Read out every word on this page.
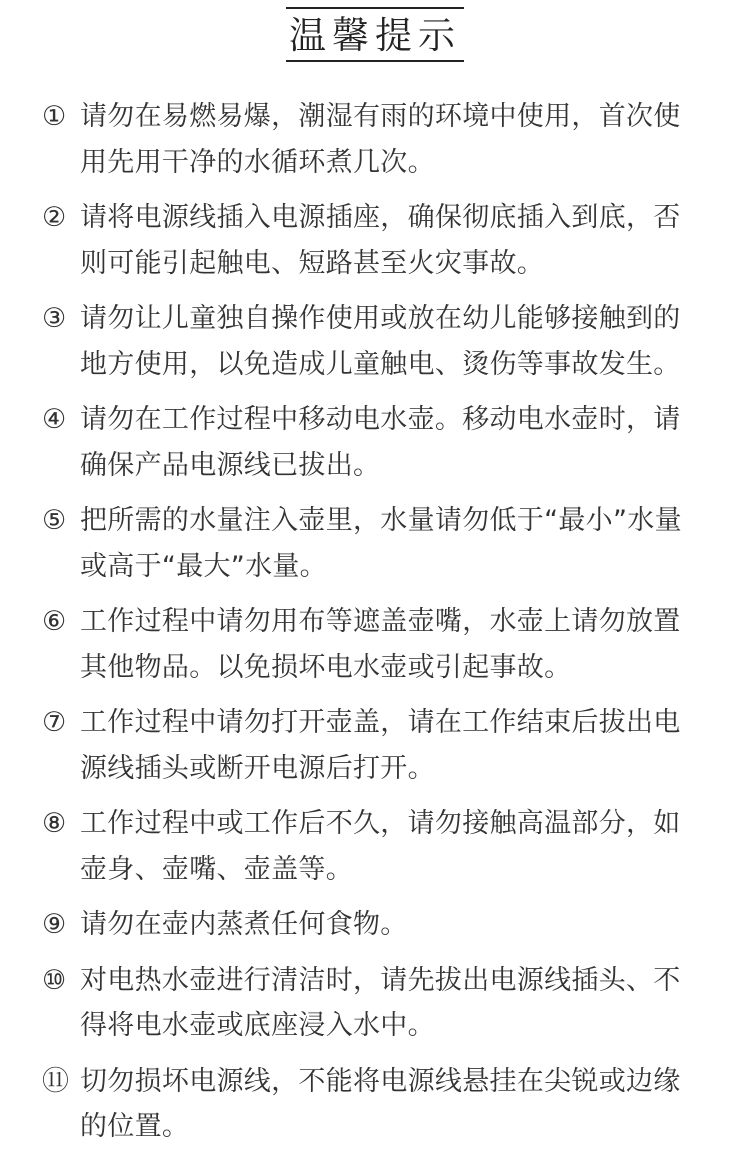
温馨提示
① 请勿在易燃易爆，潮湿有雨的环境中使用，首次使用先用干净的水循环煮几次。
② 请将电源线插入电源插座，确保彻底插入到底，否则可能引起触电、短路甚至火灾事故。
③ 请勿让儿童独自操作使用或放在幼儿能够接触到的地方使用，以免造成儿童触电、烫伤等事故发生。
④ 请勿在工作过程中移动电水壶。移动电水壶时，请确保产品电源线已拔出。
⑤ 把所需的水量注入壶里，水量请勿低于“最小”水量或高于“最大”水量。
⑥ 工作过程中请勿用布等遮盖壶嘴，水壶上请勿放置其他物品。以免损坏电水壶或引起事故。
⑦ 工作过程中请勿打开壶盖，请在工作结束后拔出电源线插头或断开电源后打开。
⑧ 工作过程中或工作后不久，请勿接触高温部分，如壶身、壶嘴、壶盖等。
⑨ 请勿在壶内蒸煮任何食物。
⑩ 对电热水壶进行清洁时，请先拔出电源线插头、不得将电水壶或底座浸入水中。
⑪ 切勿损坏电源线，不能将电源线悬挂在尖锐或边缘的位置。
